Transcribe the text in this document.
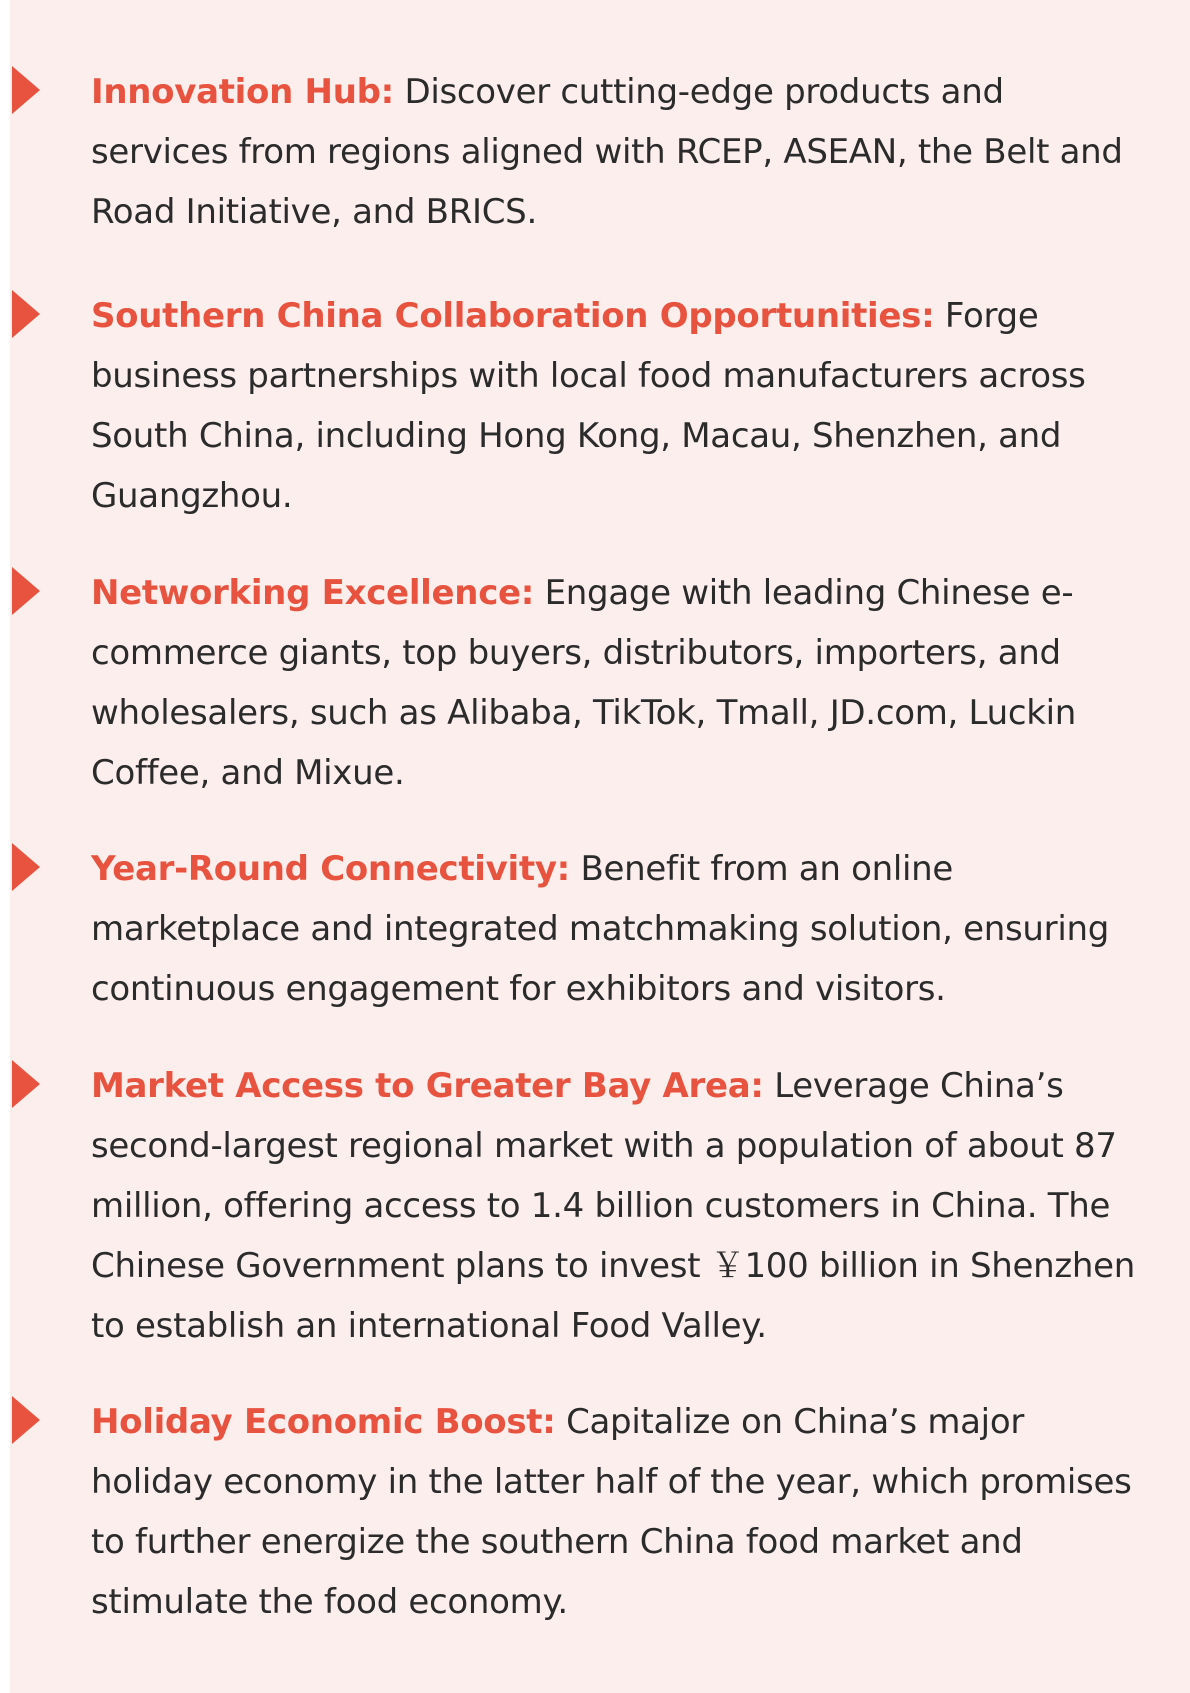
Innovation Hub: Discover cutting-edge products and services from regions aligned with RCEP, ASEAN, the Belt and Road Initiative, and BRICS.

Southern China Collaboration Opportunities: Forge business partnerships with local food manufacturers across South China, including Hong Kong, Macau, Shenzhen, and Guangzhou.

Networking Excellence: Engage with leading Chinese e-commerce giants, top buyers, distributors, importers, and wholesalers, such as Alibaba, TikTok, Tmall, JD.com, Luckin Coffee, and Mixue.

Year-Round Connectivity: Benefit from an online marketplace and integrated matchmaking solution, ensuring continuous engagement for exhibitors and visitors.

Market Access to Greater Bay Area: Leverage China’s second-largest regional market with a population of about 87 million, offering access to 1.4 billion customers in China. The Chinese Government plans to invest ￥100 billion in Shenzhen to establish an international Food Valley.

Holiday Economic Boost: Capitalize on China’s major holiday economy in the latter half of the year, which promises to further energize the southern China food market and stimulate the food economy.
